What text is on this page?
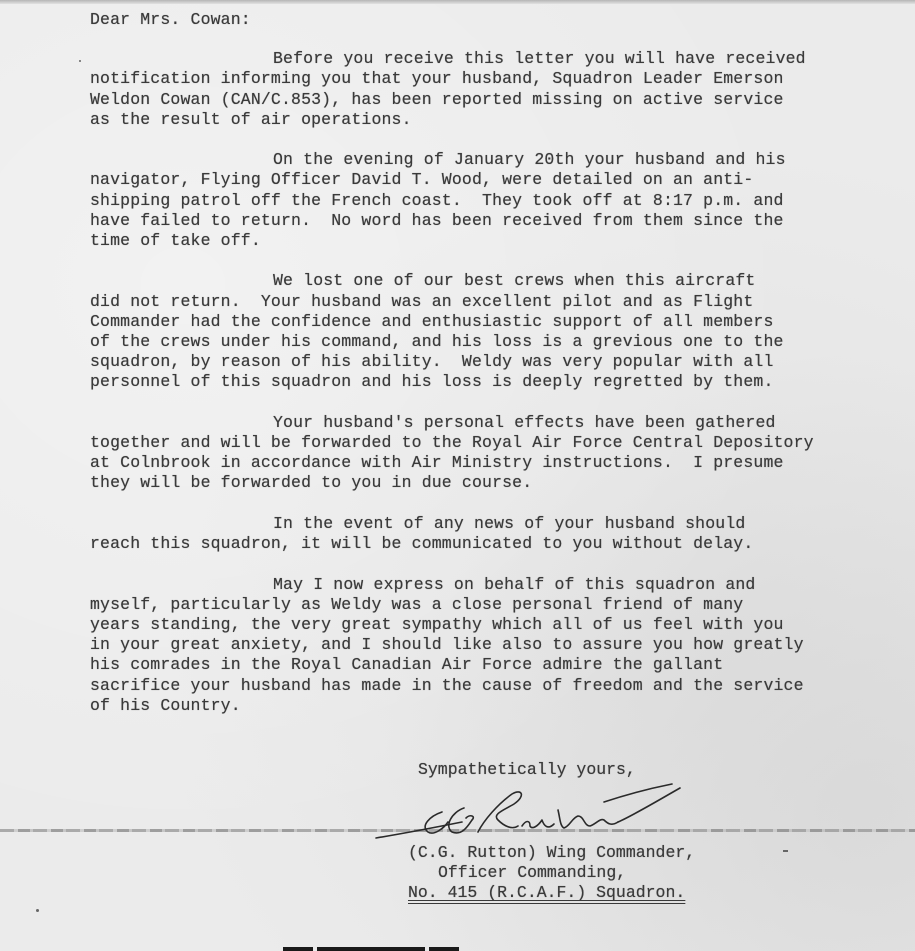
Dear Mrs. Cowan:
Before you receive this letter you will have received
notification informing you that your husband, Squadron Leader Emerson
Weldon Cowan (CAN/C.853), has been reported missing on active service
as the result of air operations.
On the evening of January 20th your husband and his
navigator, Flying Officer David T. Wood, were detailed on an anti-
shipping patrol off the French coast.  They took off at 8:17 p.m. and
have failed to return.  No word has been received from them since the
time of take off.
We lost one of our best crews when this aircraft
did not return.  Your husband was an excellent pilot and as Flight
Commander had the confidence and enthusiastic support of all members
of the crews under his command, and his loss is a grevious one to the
squadron, by reason of his ability.  Weldy was very popular with all
personnel of this squadron and his loss is deeply regretted by them.
Your husband's personal effects have been gathered
together and will be forwarded to the Royal Air Force Central Depository
at Colnbrook in accordance with Air Ministry instructions.  I presume
they will be forwarded to you in due course.
In the event of any news of your husband should
reach this squadron, it will be communicated to you without delay.
May I now express on behalf of this squadron and
myself, particularly as Weldy was a close personal friend of many
years standing, the very great sympathy which all of us feel with you
in your great anxiety, and I should like also to assure you how greatly
his comrades in the Royal Canadian Air Force admire the gallant
sacrifice your husband has made in the cause of freedom and the service
of his Country.
Sympathetically yours,
(C.G. Rutton) Wing Commander,
Officer Commanding,
No. 415 (R.C.A.F.) Squadron.
